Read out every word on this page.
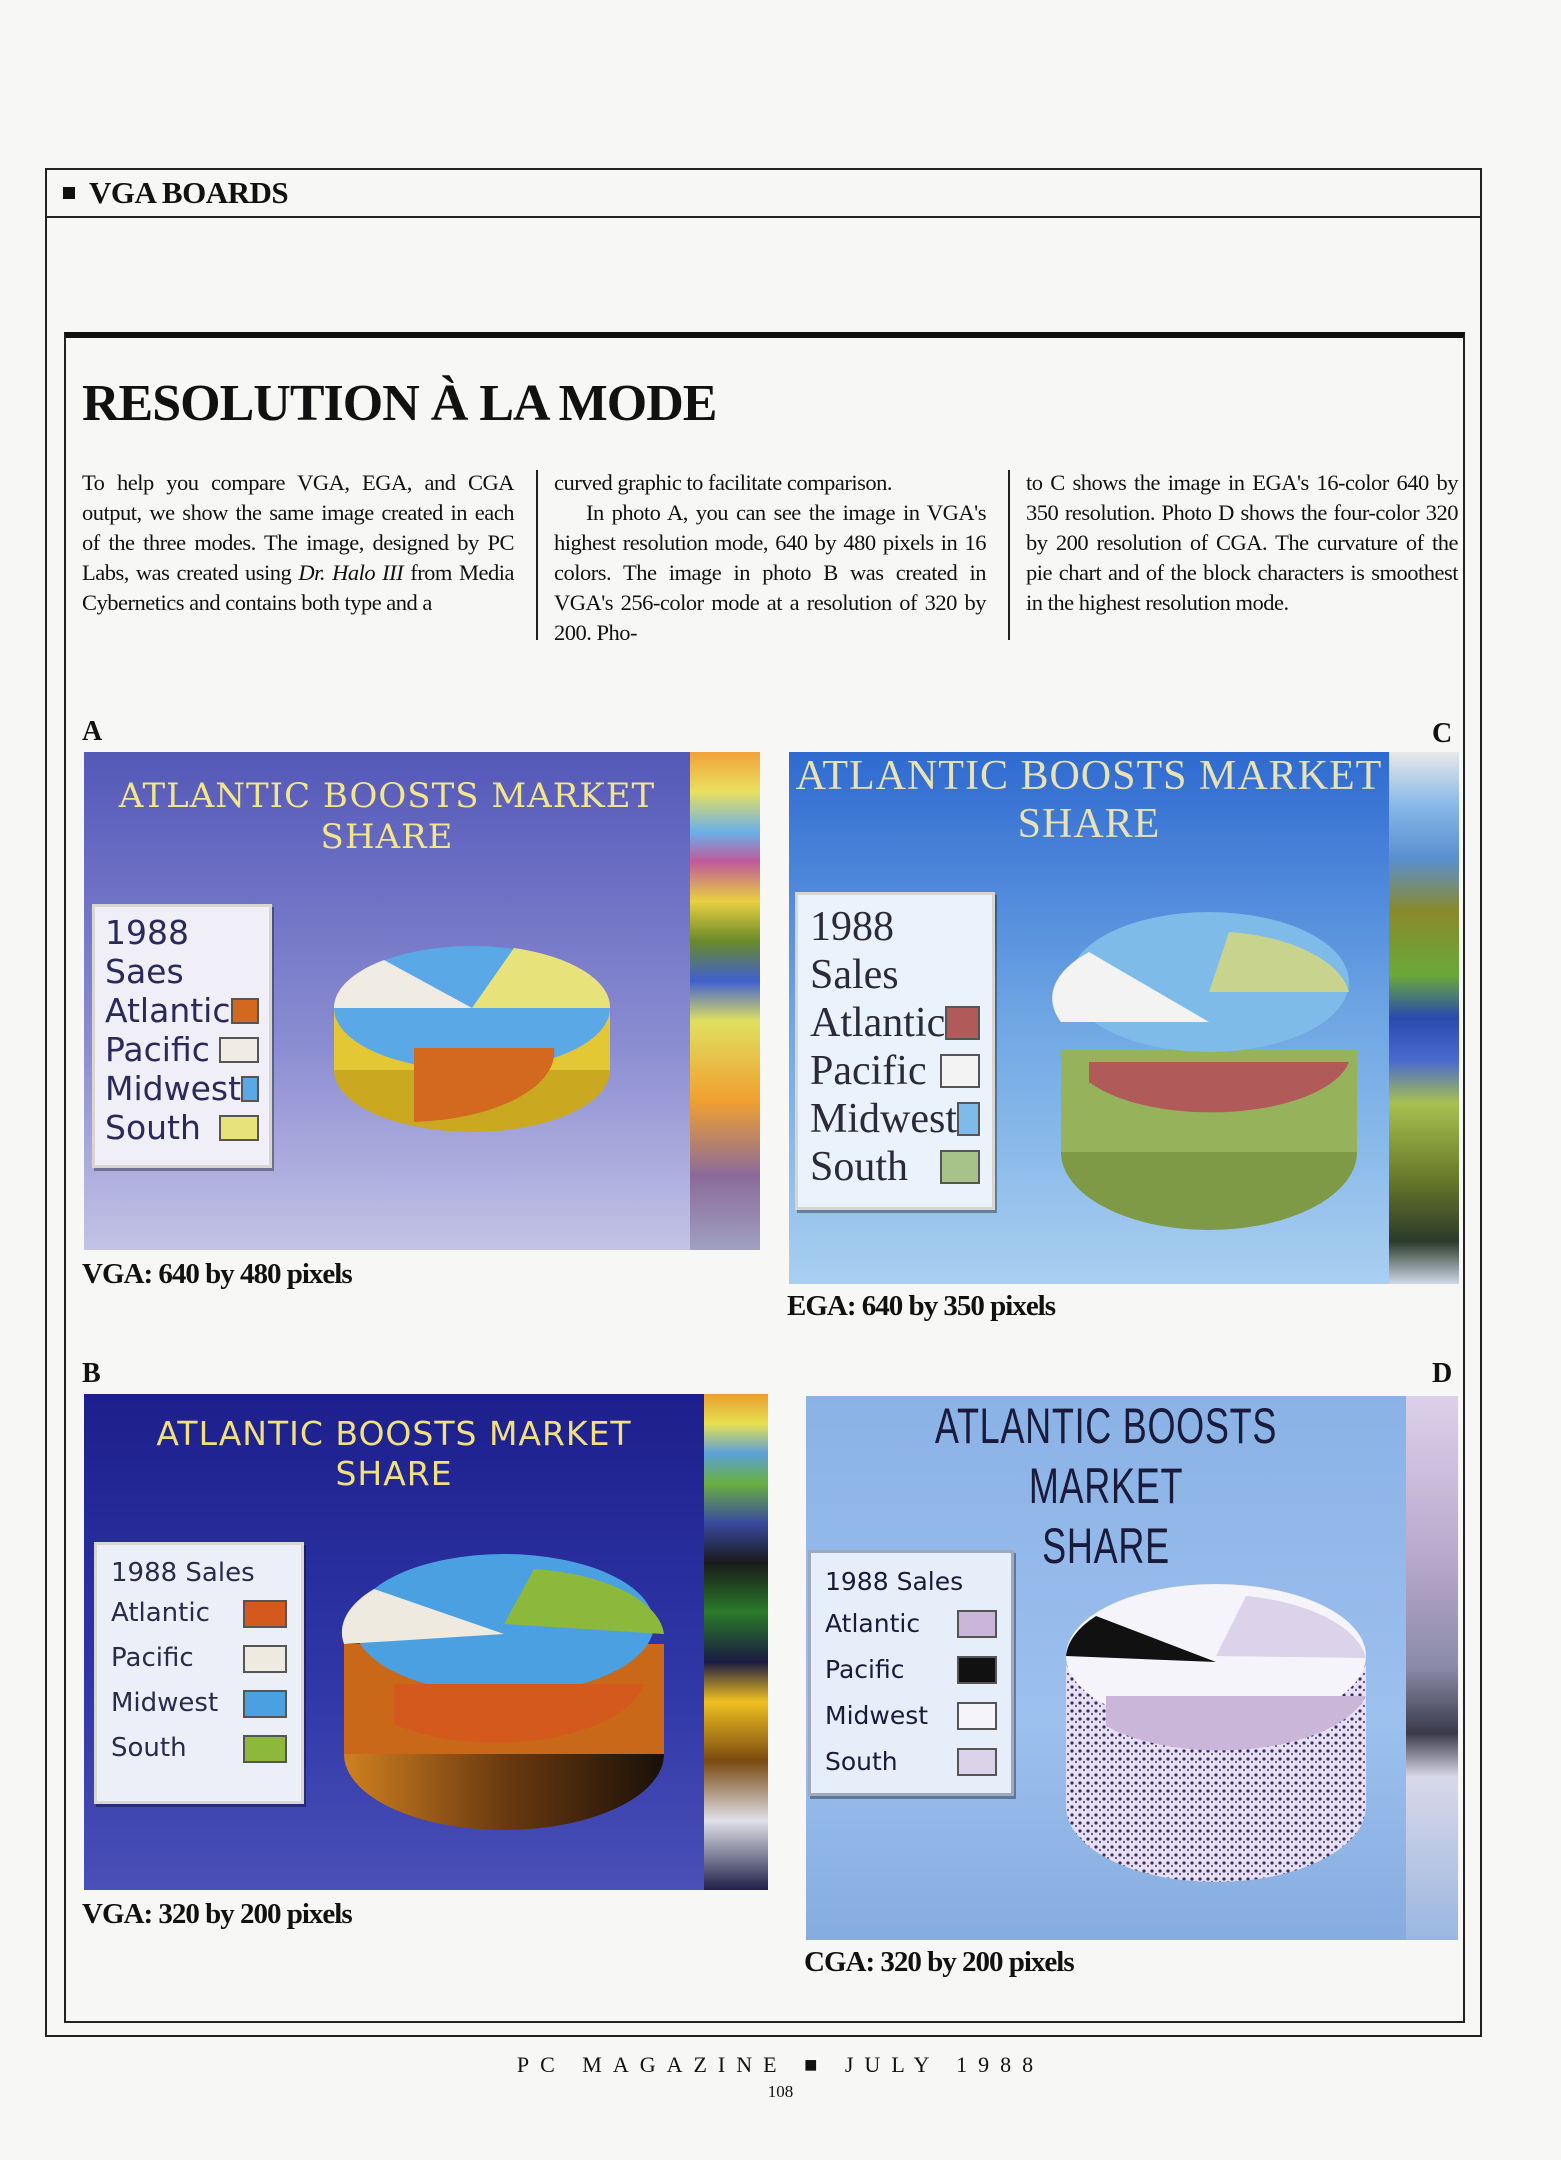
VGA BOARDS
RESOLUTION À LA MODE

To help you compare VGA, EGA, and CGA output, we show the same image created in each of the three modes. The image, designed by PC Labs, was created using Dr. Halo III from Media Cybernetics and contains both type and a

curved graphic to facilitate comparison.

In photo A, you can see the image in VGA's highest resolution mode, 640 by 480 pixels in 16 colors. The image in photo B was created in VGA's 256-color mode at a resolution of 320 by 200. Pho-

to C shows the image in EGA's 16-color 640 by 350 resolution. Photo D shows the four-color 320 by 200 resolution of CGA. The curvature of the pie chart and of the block characters is smoothest in the highest resolution mode.

A	C
B	D
ATLANTIC BOOSTS MARKET
SHARE
1988 Saes
Atlantic
Pacific
Midwest
South
VGA: 640 by 480 pixels
ATLANTIC BOOSTS MARKET
SHARE
1988 Sales
Atlantic
Pacific
Midwest
South
EGA: 640 by 350 pixels
ATLANTIC BOOSTS MARKET
SHARE
1988 Sales
Atlantic
Pacific
Midwest
South
VGA: 320 by 200 pixels
ATLANTIC BOOSTS MARKET
SHARE
1988 Sales
Atlantic
Pacific
Midwest
South
CGA: 320 by 200 pixels
PC MAGAZINE ■ JULY 1988
108
